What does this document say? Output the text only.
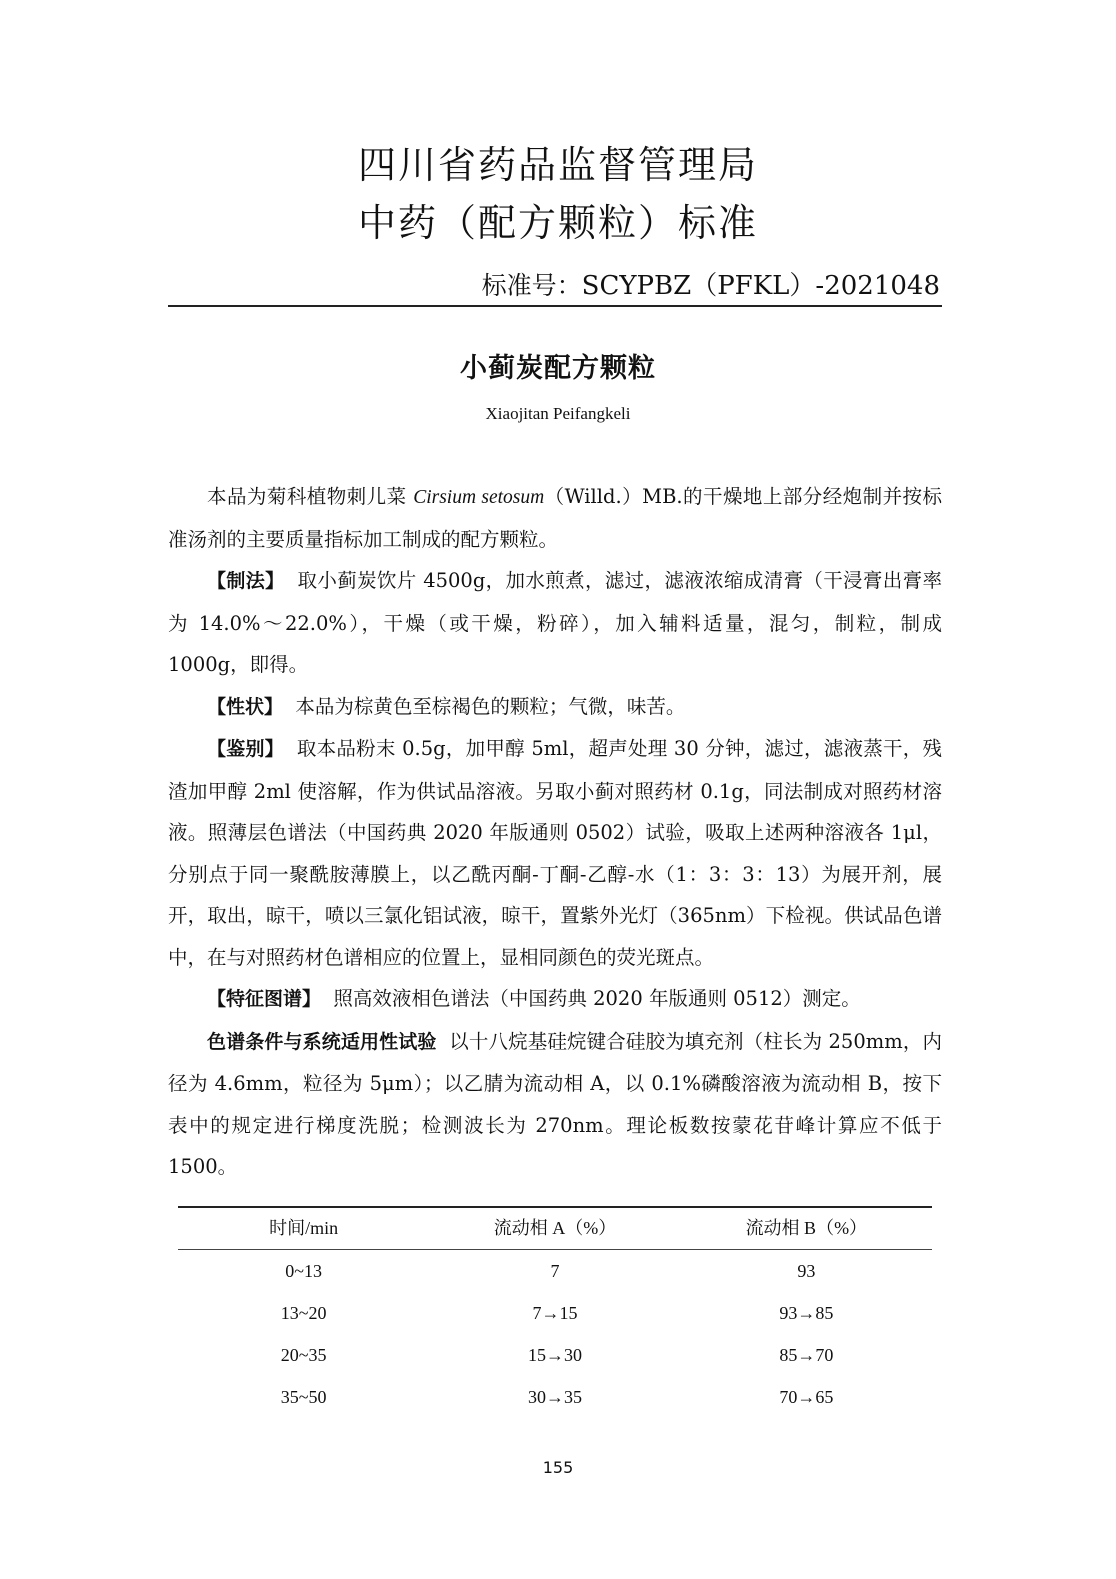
四川省药品监督管理局
中药（配方颗粒）标准
标准号：SCYPBZ（PFKL）-2021048
小蓟炭配方颗粒
Xiaojitan Peifangkeli

本品为菊科植物刺儿菜 Cirsium setosum（Willd.）MB.的干燥地上部分经炮制并按标准汤剂的主要质量指标加工制成的配方颗粒。

【制法】 取小蓟炭饮片 4500g，加水煎煮，滤过，滤液浓缩成清膏（干浸膏出膏率为 14.0%～22.0%），干燥（或干燥，粉碎），加入辅料适量，混匀，制粒，制成 1000g，即得。

【性状】 本品为棕黄色至棕褐色的颗粒；气微，味苦。

【鉴别】 取本品粉末 0.5g，加甲醇 5ml，超声处理 30 分钟，滤过，滤液蒸干，残渣加甲醇 2ml 使溶解，作为供试品溶液。另取小蓟对照药材 0.1g，同法制成对照药材溶液。照薄层色谱法（中国药典 2020 年版通则 0502）试验，吸取上述两种溶液各 1μl，分别点于同一聚酰胺薄膜上，以乙酰丙酮-丁酮-乙醇-水（1：3：3：13）为展开剂，展开，取出，晾干，喷以三氯化铝试液，晾干，置紫外光灯（365nm）下检视。供试品色谱中，在与对照药材色谱相应的位置上，显相同颜色的荧光斑点。

【特征图谱】 照高效液相色谱法（中国药典 2020 年版通则 0512）测定。

色谱条件与系统适用性试验 以十八烷基硅烷键合硅胶为填充剂（柱长为 250mm，内径为 4.6mm，粒径为 5μm）；以乙腈为流动相 A，以 0.1%磷酸溶液为流动相 B，按下表中的规定进行梯度洗脱；检测波长为 270nm。理论板数按蒙花苷峰计算应不低于 1500。

时间/min	流动相 A（%）	流动相 B（%）
0~13	7	93
13~20	7→15	93→85
20~35	15→30	85→70
35~50	30→35	70→65
155
